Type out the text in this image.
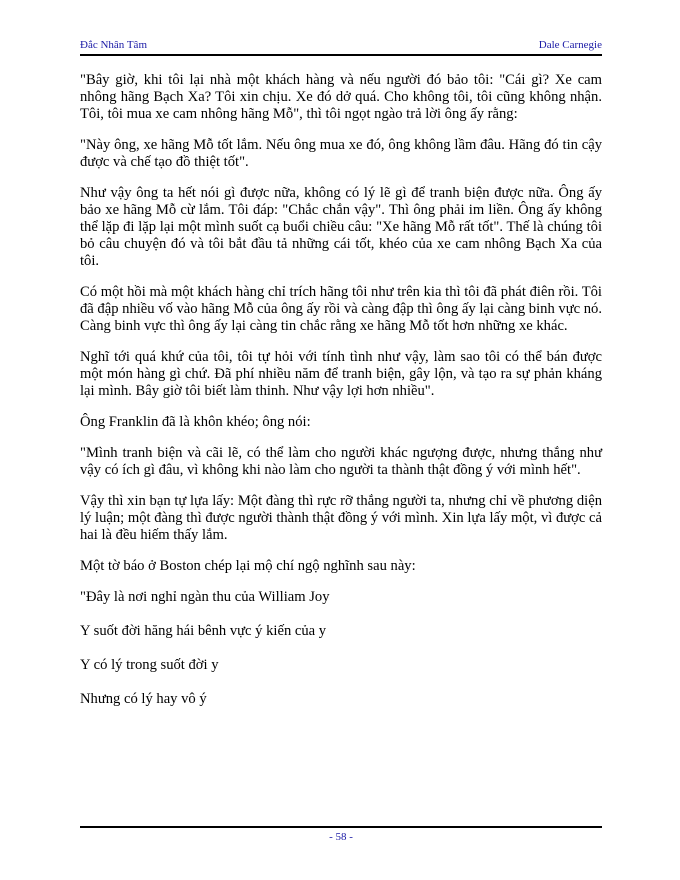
Đắc Nhân Tâm	Dale Carnegie

"Bây giờ, khi tôi lại nhà một khách hàng và nếu người đó bảo tôi: "Cái gì? Xe cam nhông hãng Bạch Xa? Tôi xin chịu. Xe đó dở quá. Cho không tôi, tôi cũng không nhận. Tôi, tôi mua xe cam nhông hãng Mỗ", thì tôi ngọt ngào trả lời ông ấy rằng:

"Này ông, xe hãng Mỗ tốt lắm. Nếu ông mua xe đó, ông không lầm đâu. Hãng đó tin cậy được và chế tạo đồ thiệt tốt".

Như vậy ông ta hết nói gì được nữa, không có lý lẽ gì để tranh biện được nữa. Ông ấy bảo xe hãng Mỗ cừ lắm. Tôi đáp: "Chắc chắn vậy". Thì ông phải im liền. Ông ấy không thể lặp đi lặp lại một mình suốt cạ buổi chiều câu: "Xe hãng Mỗ rất tốt". Thế là chúng tôi bỏ câu chuyện đó và tôi bắt đầu tả những cái tốt, khéo của xe cam nhông Bạch Xa của tôi.

Có một hồi mà một khách hàng chỉ trích hãng tôi như trên kia thì tôi đã phát điên rồi. Tôi đã đập nhiều vố vào hãng Mỗ của ông ấy rồi và càng đập thì ông ấy lại càng binh vực nó. Càng binh vực thì ông ấy lại càng tin chắc rằng xe hãng Mỗ tốt hơn những xe khác.

Nghĩ tới quá khứ của tôi, tôi tự hỏi với tính tình như vậy, làm sao tôi có thể bán được một món hàng gì chứ. Đã phí nhiều năm để tranh biện, gây lộn, và tạo ra sự phản kháng lại mình. Bây giờ tôi biết làm thinh. Như vậy lợi hơn nhiều".

Ông Franklin đã là khôn khéo; ông nói:

"Mình tranh biện và cãi lẽ, có thể làm cho người khác ngượng được, nhưng thắng như vậy có ích gì đâu, vì không khi nào làm cho người ta thành thật đồng ý với mình hết".

Vậy thì xin bạn tự lựa lấy: Một đàng thì rực rỡ thắng người ta, nhưng chỉ về phương diện lý luận; một đàng thì được người thành thật đồng ý với mình. Xin lựa lấy một, vì được cả hai là đều hiếm thấy lắm.

Một tờ báo ở Boston chép lại mộ chí ngộ nghĩnh sau này:

"Đây là nơi nghỉ ngàn thu của William Joy

Y suốt đời hăng hái bênh vực ý kiến của y

Y có lý trong suốt đời y

Nhưng có lý hay vô ý

- 58 -
